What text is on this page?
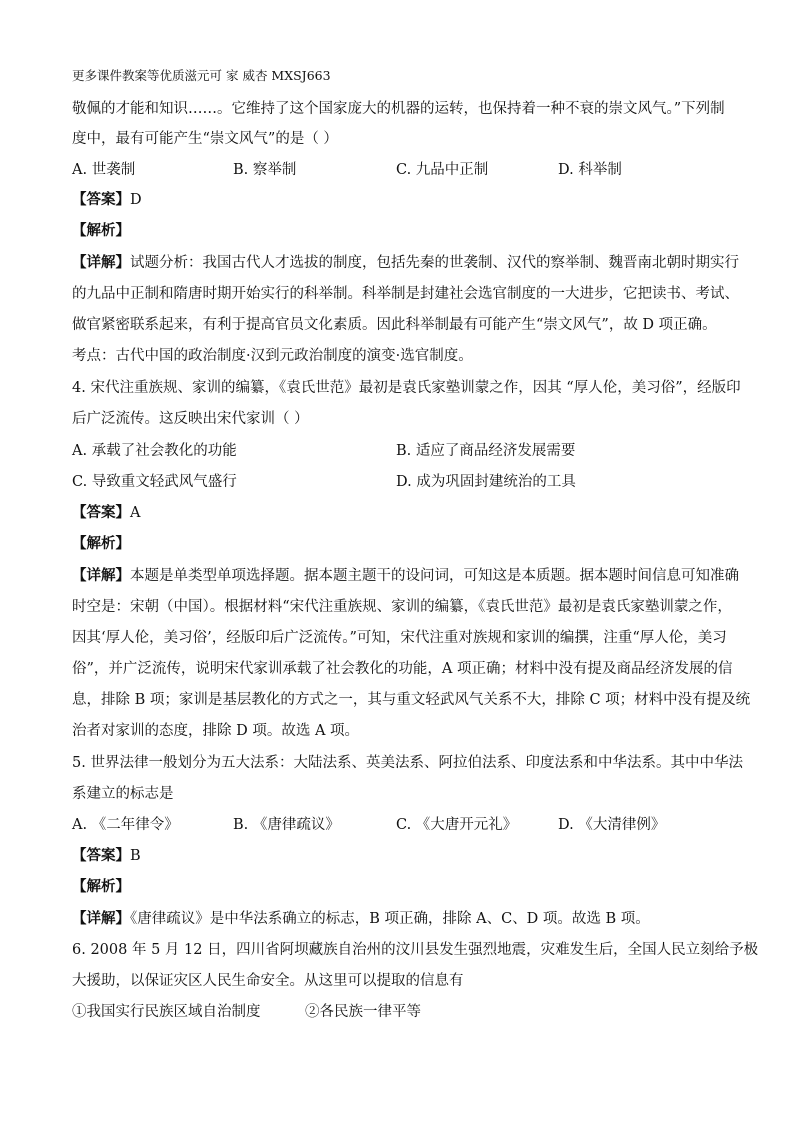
更多课件教案等优质滋元可 家 威杏 MXSJ663
敬佩的才能和知识……。它维持了这个国家庞大的机器的运转，也保持着一种不衰的崇文风气。”下列制
度中，最有可能产生“崇文风气”的是（ ）
A. 世袭制	B. 察举制	C. 九品中正制	D. 科举制
【答案】D
【解析】
【详解】试题分析：我国古代人才选拔的制度，包括先秦的世袭制、汉代的察举制、魏晋南北朝时期实行
的九品中正制和隋唐时期开始实行的科举制。科举制是封建社会选官制度的一大进步，它把读书、考试、
做官紧密联系起来，有利于提高官员文化素质。因此科举制最有可能产生“崇文风气”，故 D 项正确。
考点：古代中国的政治制度·汉到元政治制度的演变·选官制度。
4. 宋代注重族规、家训的编纂，《袁氏世范》最初是袁氏家塾训蒙之作，因其 “厚人伦，美习俗”，经版印
后广泛流传。这反映出宋代家训（ ）
A. 承载了社会教化的功能	B. 适应了商品经济发展需要
C. 导致重文轻武风气盛行	D. 成为巩固封建统治的工具
【答案】A
【解析】
【详解】本题是单类型单项选择题。据本题主题干的设问词，可知这是本质题。据本题时间信息可知准确
时空是：宋朝（中国）。根据材料“宋代注重族规、家训的编纂，《袁氏世范》最初是袁氏家塾训蒙之作，
因其‘厚人伦，美习俗’，经版印后广泛流传。”可知，宋代注重对族规和家训的编撰，注重“厚人伦，美习
俗”，并广泛流传，说明宋代家训承载了社会教化的功能，A 项正确；材料中没有提及商品经济发展的信
息，排除 B 项；家训是基层教化的方式之一，其与重文轻武风气关系不大，排除 C 项；材料中没有提及统
治者对家训的态度，排除 D 项。故选 A 项。
5. 世界法律一般划分为五大法系：大陆法系、英美法系、阿拉伯法系、印度法系和中华法系。其中中华法
系建立的标志是
A. 《二年律令》	B. 《唐律疏议》	C. 《大唐开元礼》	D. 《大清律例》
【答案】B
【解析】
【详解】《唐律疏议》是中华法系确立的标志，B 项正确，排除 A、C、D 项。故选 B 项。
6. 2008 年 5 月 12 日，四川省阿坝藏族自治州的汶川县发生强烈地震，灾难发生后，全国人民立刻给予极
大援助，以保证灾区人民生命安全。从这里可以提取的信息有
①我国实行民族区域自治制度	②各民族一律平等
